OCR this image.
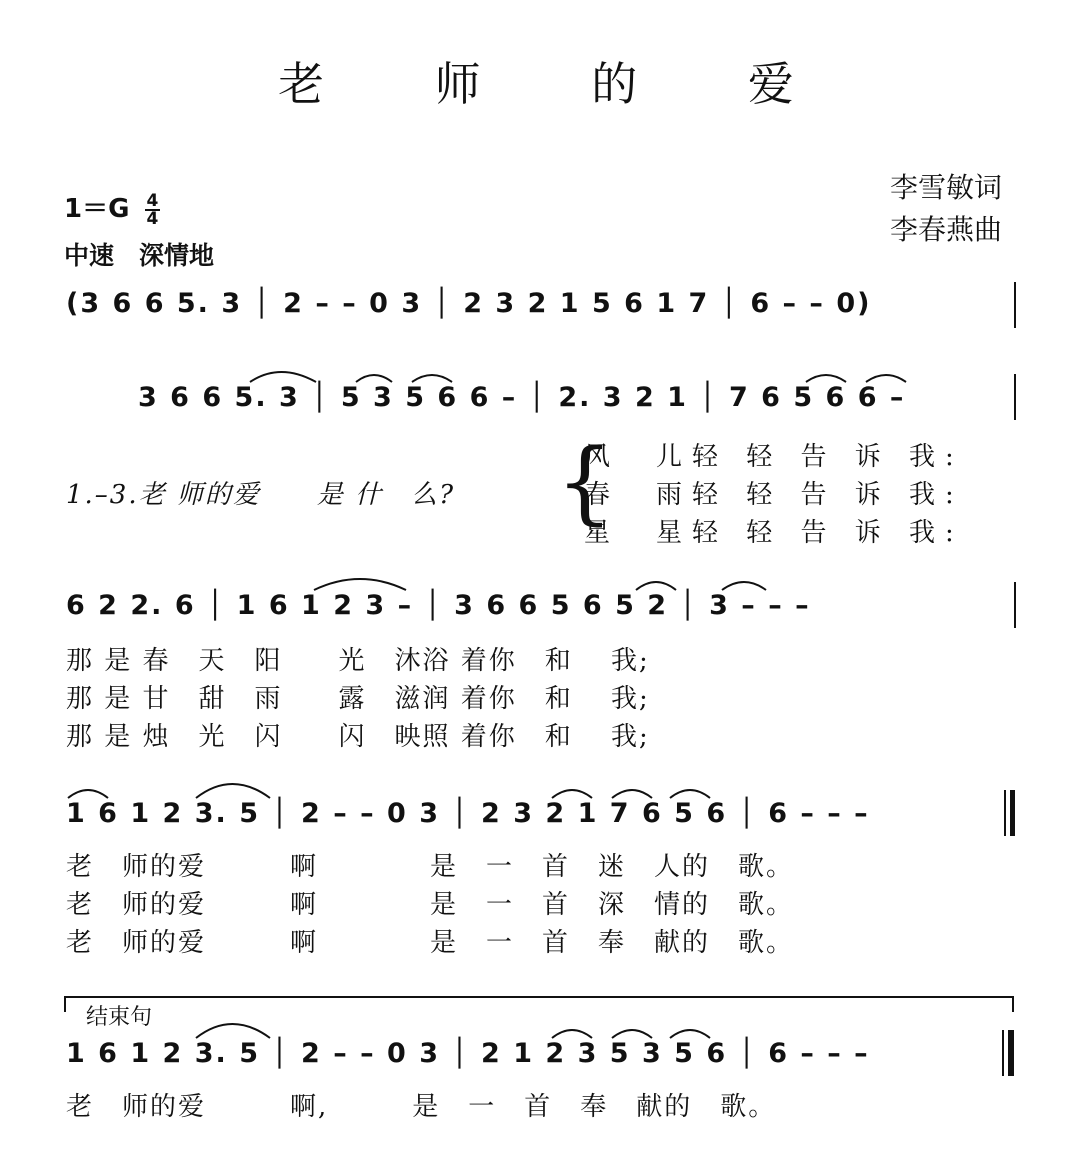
老 师 的 爱
李雪敏词
李春燕曲
$1=G \frac{4}{4}$
中速　深情地
(3 6 6 5. 3 │ 2 – – 0 3 │ 2 3 2 1 5 6 1 7 │ 6 – – 0)
3 6 6 5. 3 │ 5 3 5 6 6 – │ 2. 3 2 1 │ 7 6 5 6 6 –
1.–3.老 师的爱　　是 什　么? {
风　儿轻 轻 告 诉 我:
春　雨轻 轻 告 诉 我:
星　星轻 轻 告 诉 我:
6 2 2. 6 │ 1 6 1 2 3 – │ 3 6 6 5 6 5 2 │ 3 – – –
那 是 春　天　阳　　光　沐浴 着你　和　 我;
那 是 甘　甜　雨　　露　滋润 着你　和　 我;
那 是 烛　光　闪　　闪　映照 着你　和　 我;
1 6 1 2 3. 5 │ 2 – – 0 3 │ 2 3 2 1 7 6 5 6 │ 6 – – –
老　师的爱　　　啊　　　　是　一　首　迷　人的　歌。
老　师的爱　　　啊　　　　是　一　首　深　情的　歌。
老　师的爱　　　啊　　　　是　一　首　奉　献的　歌。
结束句
1 6 1 2 3. 5 │ 2 – – 0 3 │ 2 1 2 3 5 3 5 6 │ 6 – – –
老　师的爱　　　啊,　　　是　一　首　奉　献的　歌。
